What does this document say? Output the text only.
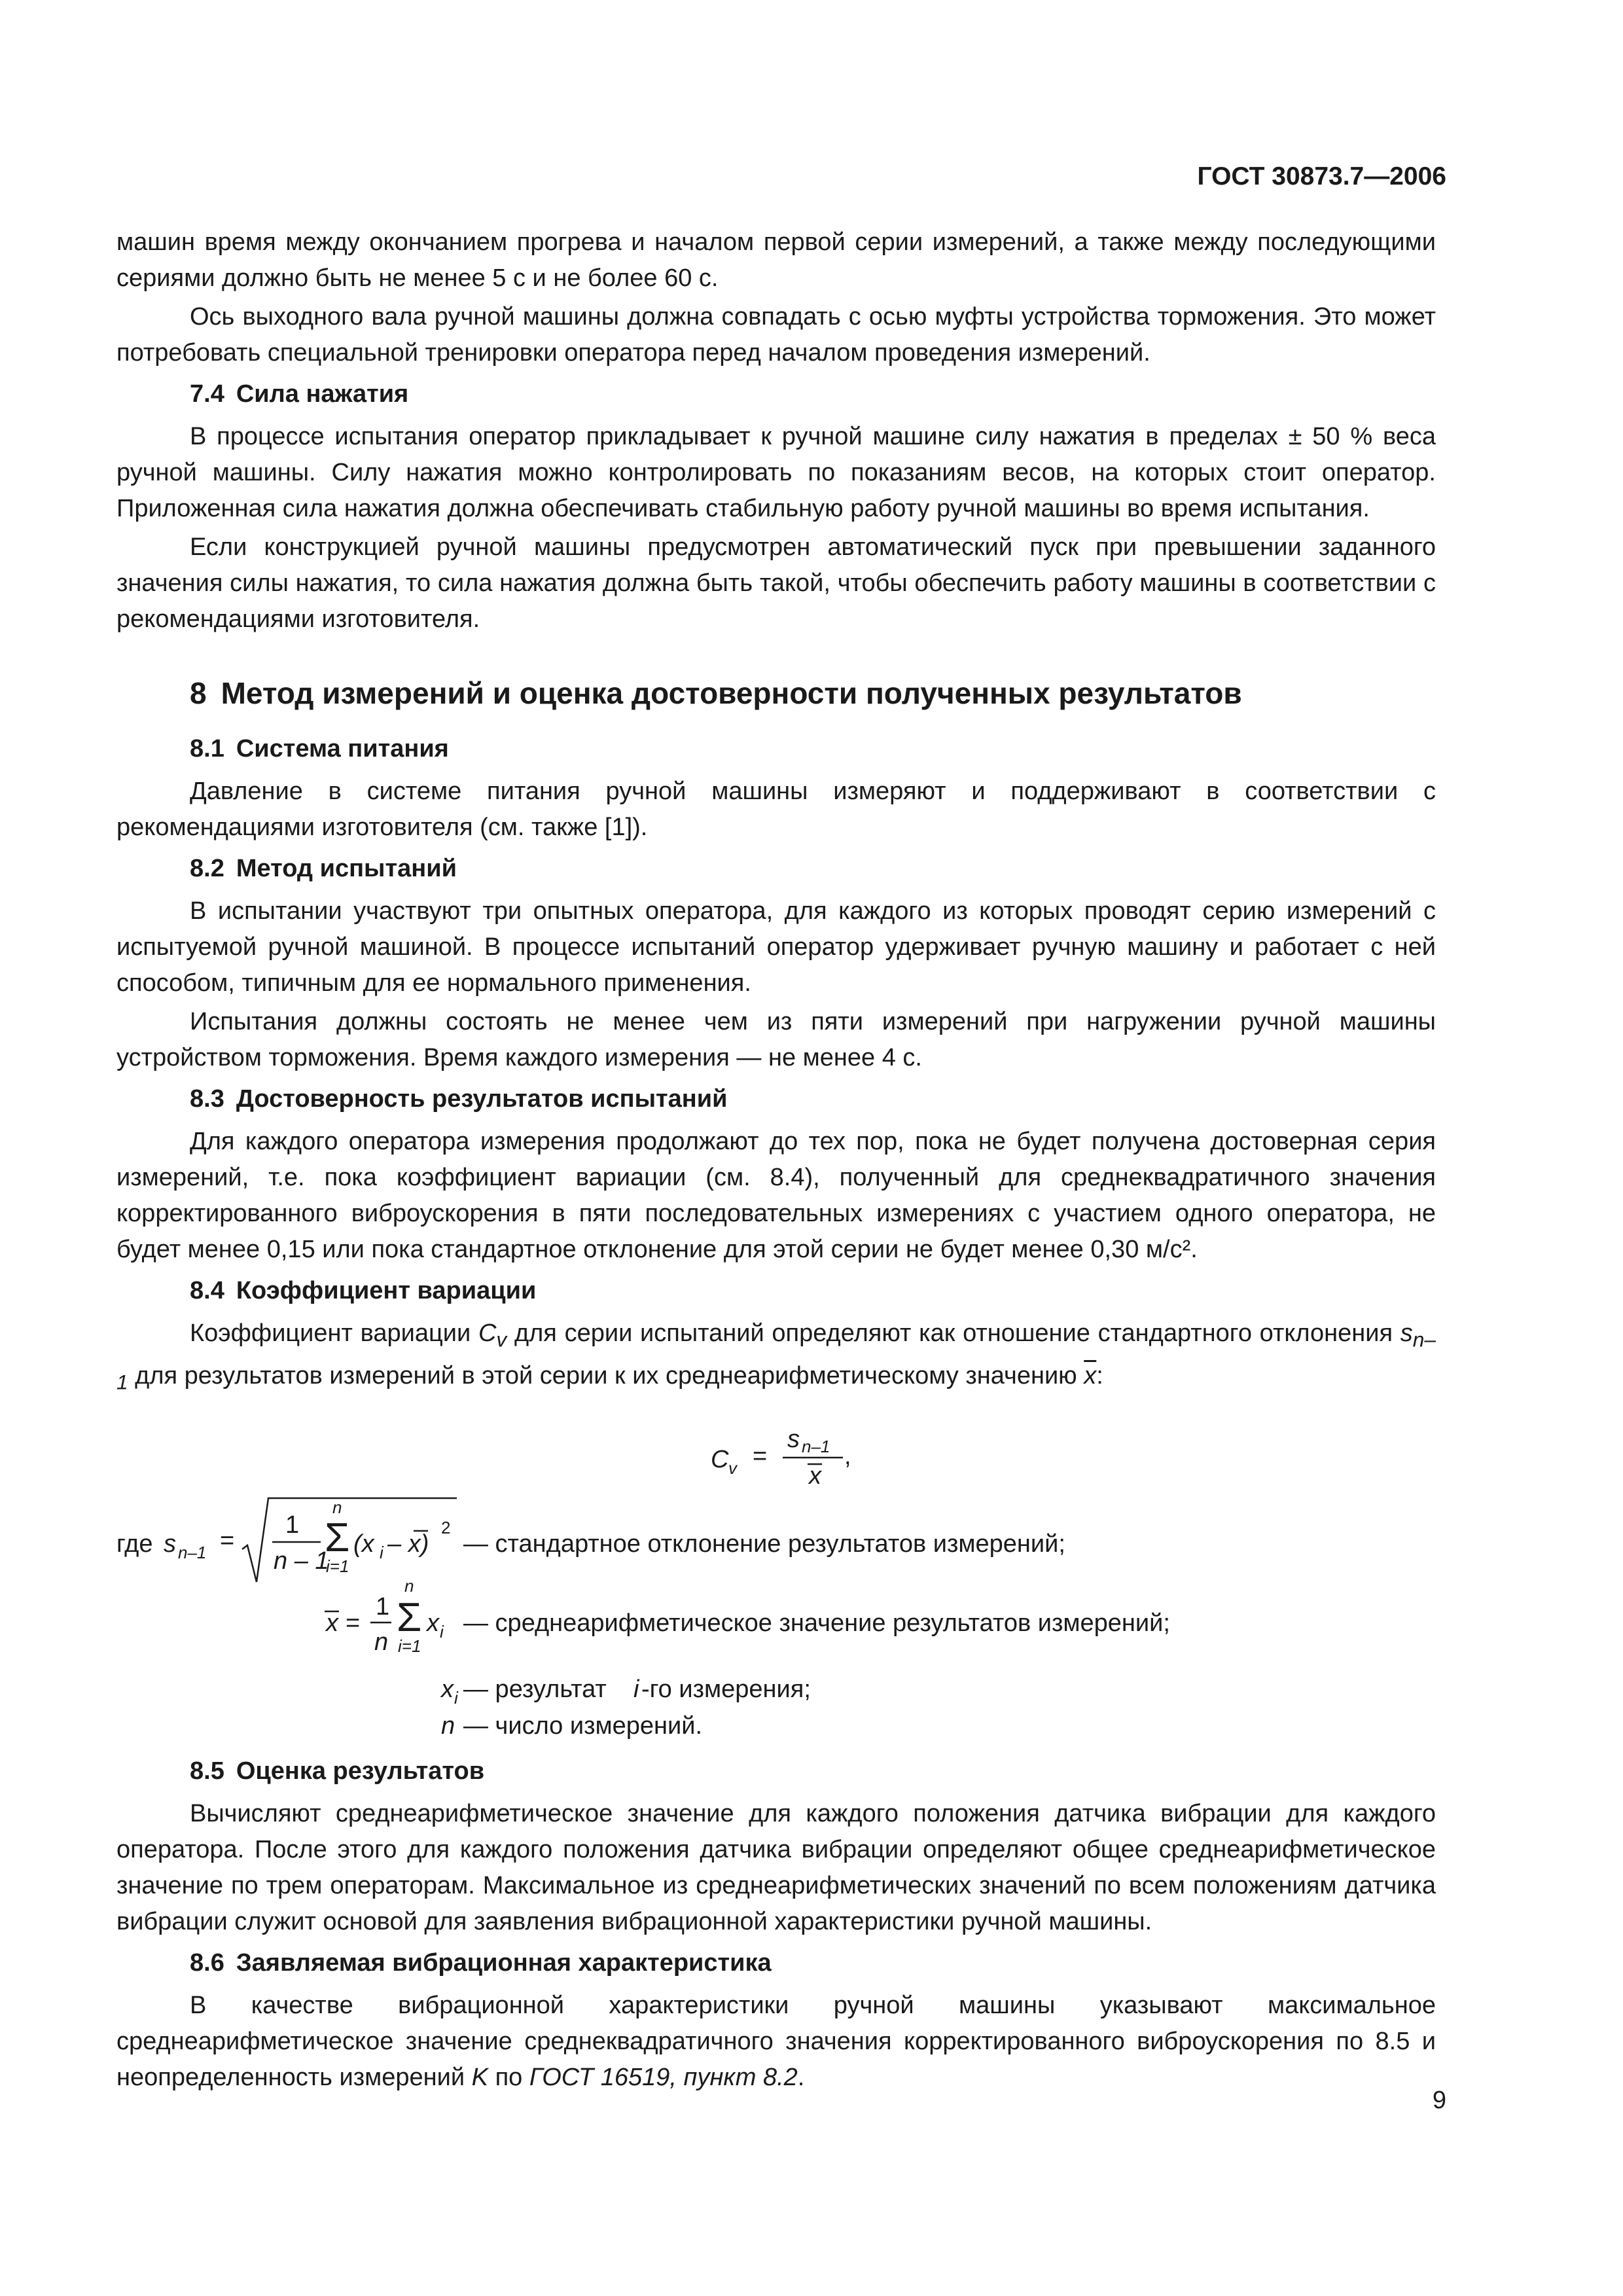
ГОСТ 30873.7—2006

машин время между окончанием прогрева и началом первой серии измерений, а также между последующими сериями должно быть не менее 5 с и не более 60 с.

Ось выходного вала ручной машины должна совпадать с осью муфты устройства торможения. Это может потребовать специальной тренировки оператора перед началом проведения измерений.

7.4 Сила нажатия

В процессе испытания оператор прикладывает к ручной машине силу нажатия в пределах ± 50 % веса ручной машины. Силу нажатия можно контролировать по показаниям весов, на которых стоит оператор. Приложенная сила нажатия должна обеспечивать стабильную работу ручной машины во время испытания.

Если конструкцией ручной машины предусмотрен автоматический пуск при превышении заданного значения силы нажатия, то сила нажатия должна быть такой, чтобы обеспечить работу машины в соответствии с рекомендациями изготовителя.

8 Метод измерений и оценка достоверности полученных результатов
8.1 Система питания

Давление в системе питания ручной машины измеряют и поддерживают в соответствии с рекомендациями изготовителя (см. также [1]).

8.2 Метод испытаний

В испытании участвуют три опытных оператора, для каждого из которых проводят серию измерений с испытуемой ручной машиной. В процессе испытаний оператор удерживает ручную машину и работает с ней способом, типичным для ее нормального применения.

Испытания должны состоять не менее чем из пяти измерений при нагружении ручной машины устройством торможения. Время каждого измерения — не менее 4 с.

8.3 Достоверность результатов испытаний

Для каждого оператора измерения продолжают до тех пор, пока не будет получена достоверная серия измерений, т.е. пока коэффициент вариации (см. 8.4), полученный для среднеквадратичного значения корректированного виброускорения в пяти последовательных измерениях с участием одного оператора, не будет менее 0,15 или пока стандартное отклонение для этой серии не будет менее 0,30 м/с².

8.4 Коэффициент вариации

Коэффициент вариации $C_v$ для серии испытаний определяют как отношение стандартного отклонения $s_{n-1}$ для результатов измерений в этой серии к их среднеарифметическому значению $\overline{x}$:

C v =
s n–1
x
,
где s n–1 =
1
n – 1
n
Σ
i=1
(x i – x)
2
— стандартное отклонение результатов измерений;
x =
1
n
n
Σ
i=1
x i — среднеарифметическое значение результатов измерений;
x i — результат i -го измерения;
n — число измерений.
8.5 Оценка результатов

Вычисляют среднеарифметическое значение для каждого положения датчика вибрации для каждого оператора. После этого для каждого положения датчика вибрации определяют общее среднеарифметическое значение по трем операторам. Максимальное из среднеарифметических значений по всем положениям датчика вибрации служит основой для заявления вибрационной характеристики ручной машины.

8.6 Заявляемая вибрационная характеристика

В качестве вибрационной характеристики ручной машины указывают максимальное среднеарифметическое значение среднеквадратичного значения корректированного виброускорения по 8.5 и неопределенность измерений K по ГОСТ 16519, пункт 8.2.

9
